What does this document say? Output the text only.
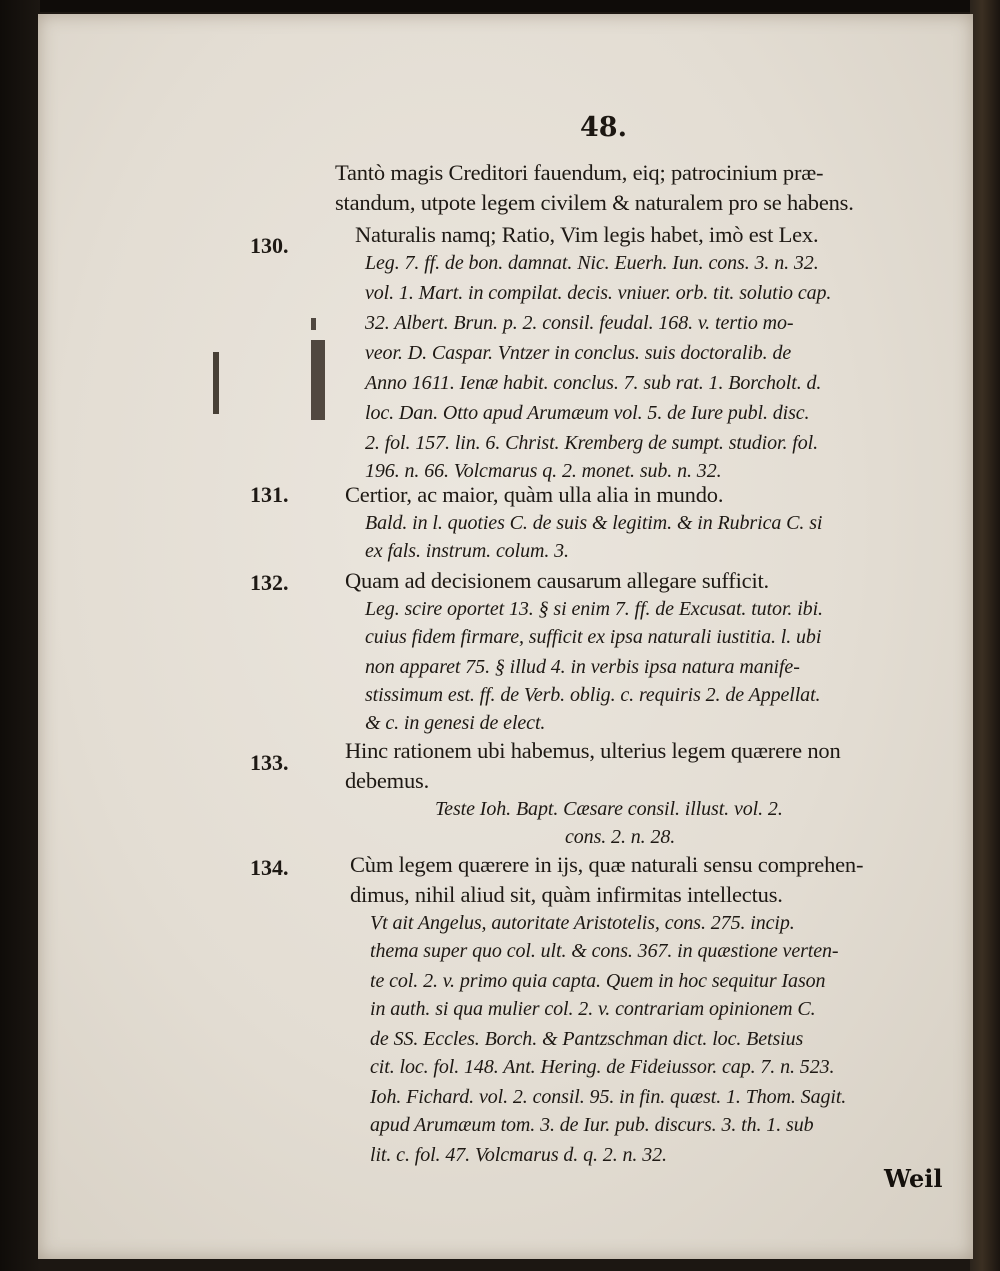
48.
Tantò magis Creditori fauendum, eiq; patrocinium præ-
standum, utpote legem civilem & naturalem pro se habens.
130.	Naturalis namq; Ratio, Vim legis habet, imò est Lex.
Leg. 7. ff. de bon. damnat. Nic. Euerh. Iun. cons. 3. n. 32.
vol. 1. Mart. in compilat. decis. vniuer. orb. tit. solutio cap.
32. Albert. Brun. p. 2. consil. feudal. 168. v. tertio mo-
veor. D. Caspar. Vntzer in conclus. suis doctoralib. de
Anno 1611. Ienæ habit. conclus. 7. sub rat. 1. Borcholt. d.
loc. Dan. Otto apud Arumæum vol. 5. de Iure publ. disc.
2. fol. 157. lin. 6. Christ. Kremberg de sumpt. studior. fol.
196. n. 66. Volcmarus q. 2. monet. sub. n. 32.
131.	Certior, ac maior, quàm ulla alia in mundo.
Bald. in l. quoties C. de suis & legitim. & in Rubrica C. si
ex fals. instrum. colum. 3.
132.	Quam ad decisionem causarum allegare sufficit.
Leg. scire oportet 13. § si enim 7. ff. de Excusat. tutor. ibi.
cuius fidem firmare, sufficit ex ipsa naturali iustitia. l. ubi
non apparet 75. § illud 4. in verbis ipsa natura manife-
stissimum est. ff. de Verb. oblig. c. requiris 2. de Appellat.
& c. in genesi de elect.
133.	Hinc rationem ubi habemus, ulterius legem quærere non
debemus.
Teste Ioh. Bapt. Cæsare consil. illust. vol. 2.
cons. 2. n. 28.
134.	Cùm legem quærere in ijs, quæ naturali sensu comprehen-
dimus, nihil aliud sit, quàm infirmitas intellectus.
Vt ait Angelus, autoritate Aristotelis, cons. 275. incip.
thema super quo col. ult. & cons. 367. in quæstione verten-
te col. 2. v. primo quia capta. Quem in hoc sequitur Iason
in auth. si qua mulier col. 2. v. contrariam opinionem C.
de SS. Eccles. Borch. & Pantzschman dict. loc. Betsius
cit. loc. fol. 148. Ant. Hering. de Fideiussor. cap. 7. n. 523.
Ioh. Fichard. vol. 2. consil. 95. in fin. quæst. 1. Thom. Sagit.
apud Arumæum tom. 3. de Iur. pub. discurs. 3. th. 1. sub
lit. c. fol. 47. Volcmarus d. q. 2. n. 32.
Weil
